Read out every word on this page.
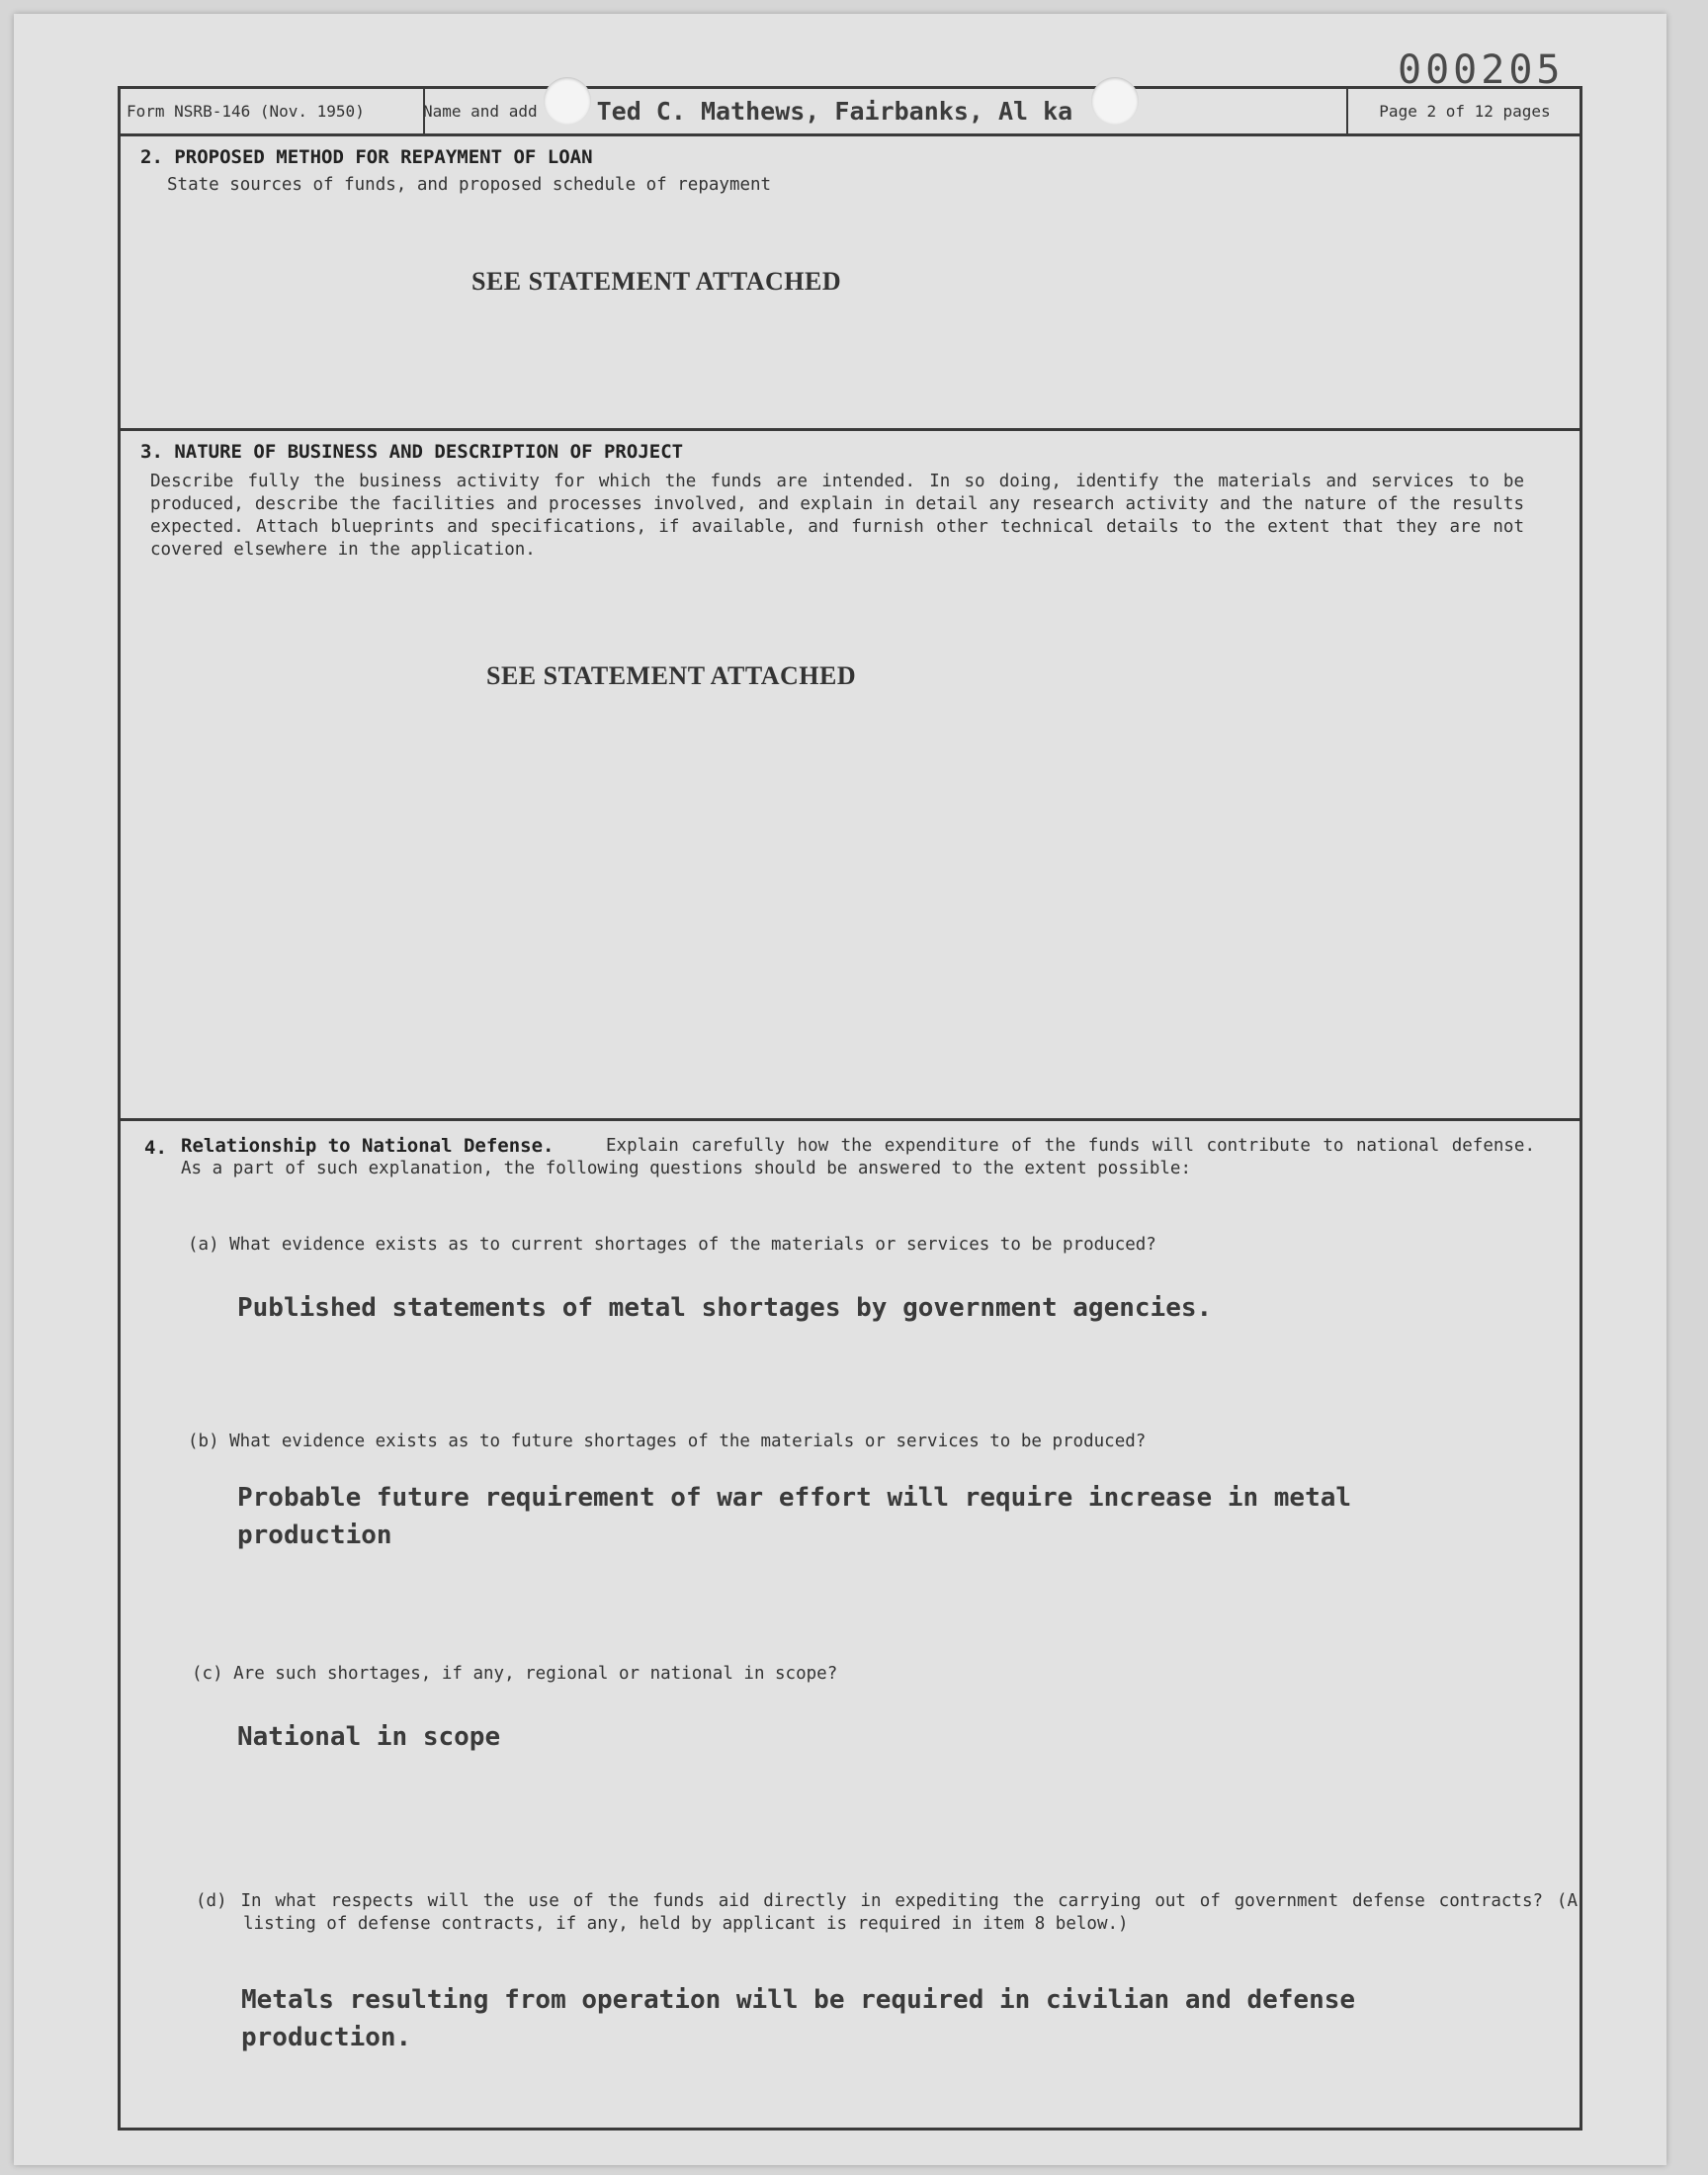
000205
Form NSRB-146 (Nov. 1950)	Name and add Ted C. Mathews, Fairbanks, Al ka	Page 2 of 12 pages
2. PROPOSED METHOD FOR REPAYMENT OF LOAN
State sources of funds, and proposed schedule of repayment
SEE STATEMENT ATTACHED
3. NATURE OF BUSINESS AND DESCRIPTION OF PROJECT
Describe fully the business activity for which the funds are intended. In so doing, identify the materials and services to be produced, describe the facilities and processes involved, and explain in detail any research activity and the nature of the results expected. Attach blueprints and specifications, if available, and furnish other technical details to the extent that they are not covered elsewhere in the application.
SEE STATEMENT ATTACHED
4. Relationship to National Defense.	Explain carefully how the expenditure of the funds will contribute to national defense. As a part of such explanation, the following questions should be answered to the extent possible:
(a) What evidence exists as to current shortages of the materials or services to be produced?
Published statements of metal shortages by government agencies.
(b) What evidence exists as to future shortages of the materials or services to be produced?
Probable future requirement of war effort will require increase in metal production
(c) Are such shortages, if any, regional or national in scope?
National in scope
(d) In what respects will the use of the funds aid directly in expediting the carrying out of government defense contracts? (A listing of defense contracts, if any, held by applicant is required in item 8 below.)
Metals resulting from operation will be required in civilian and defense production.
